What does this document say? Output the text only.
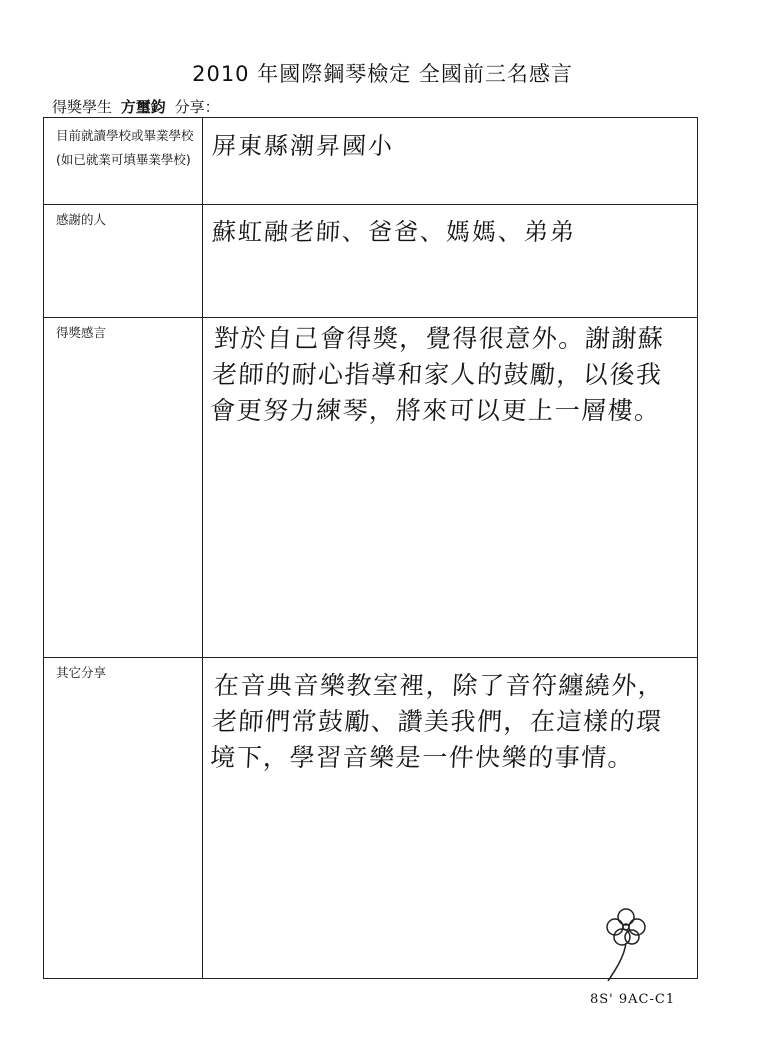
2010 年國際鋼琴檢定 全國前三名感言
得獎學生 方璽鈞 分享：
目前就讀學校或畢業學校(如已就業可填畢業學校) 屏東縣潮昇國小
感謝的人	蘇虹融老師、爸爸、媽媽、弟弟
得獎感言	對於自己會得獎，覺得很意外。謝謝蘇老師的耐心指導和家人的鼓勵，以後我會更努力練琴，將來可以更上一層樓。
其它分享	在音典音樂教室裡，除了音符纏繞外，老師們常鼓勵、讚美我們，在這樣的環境下，學習音樂是一件快樂的事情。
8S' 9AC-C1
